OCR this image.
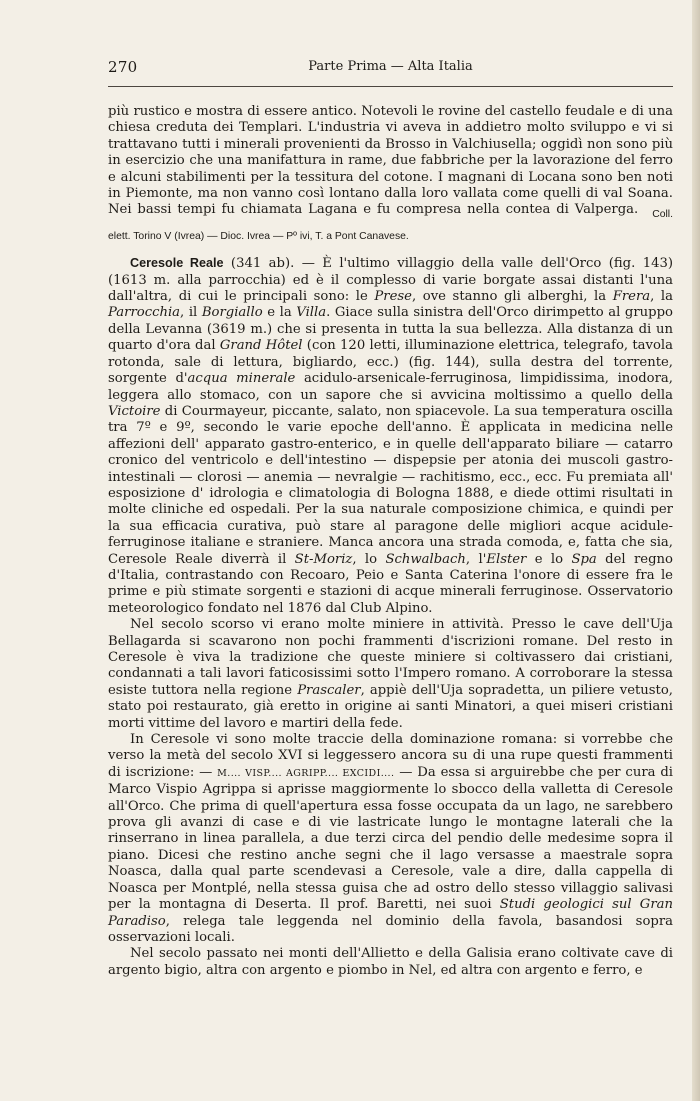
270	Parte Prima — Alta Italia

più rustico e mostra di essere antico. Notevoli le rovine del castello feudale e di una chiesa creduta dei Templari. L'industria vi aveva in addietro molto sviluppo e vi si trattavano tutti i minerali provenienti da Brosso in Valchiusella; oggidì non sono più in esercizio che una manifattura in rame, due fabbriche per la lavorazione del ferro e alcuni stabilimenti per la tessitura del cotone. I magnani di Locana sono ben noti in Piemonte, ma non vanno così lontano dalla loro vallata come quelli di val Soana. Nei bassi tempi fu chiamata Lagana e fu compresa nella contea di Valperga. $_{Coll. elett. Torino V (Ivrea) — Dioc. Ivrea — Pº ivi, T. a Pont Canavese.}$

Ceresole Reale (341 ab). — È l'ultimo villaggio della valle dell'Orco (fig. 143) (1613 m. alla parrocchia) ed è il complesso di varie borgate assai distanti l'una dall'altra, di cui le principali sono: le Prese, ove stanno gli alberghi, la Frera, la Parrocchia, il Borgiallo e la Villa. Giace sulla sinistra dell'Orco dirimpetto al gruppo della Levanna (3619 m.) che si presenta in tutta la sua bellezza. Alla distanza di un quarto d'ora dal Grand Hôtel (con 120 letti, illuminazione elettrica, telegrafo, tavola rotonda, sale di lettura, bigliardo, ecc.) (fig. 144), sulla destra del torrente, sorgente d'acqua minerale acidulo-arsenicale-ferruginosa, limpidissima, inodora, leggera allo stomaco, con un sapore che si avvicina moltissimo a quello della Victoire di Courmayeur, piccante, salato, non spiacevole. La sua temperatura oscilla tra 7º e 9º, secondo le varie epoche dell'anno. È applicata in medicina nelle affezioni dell' apparato gastro-enterico, e in quelle dell'apparato biliare — catarro cronico del ventricolo e dell'intestino — dispepsie per atonia dei muscoli gastro-intestinali — clorosi — anemia — nevralgie — rachitismo, ecc., ecc. Fu premiata all' esposizione d' idrologia e climatologia di Bologna 1888, e diede ottimi risultati in molte cliniche ed ospedali. Per la sua naturale composizione chimica, e quindi per la sua efficacia curativa, può stare al paragone delle migliori acque acidule-ferruginose italiane e straniere. Manca ancora una strada comoda, e, fatta che sia, Ceresole Reale diverrà il St-Moriz, lo Schwalbach, l'Elster e lo Spa del regno d'Italia, contrastando con Recoaro, Peio e Santa Caterina l'onore di essere fra le prime e più stimate sorgenti e stazioni di acque minerali ferruginose. Osservatorio meteorologico fondato nel 1876 dal Club Alpino.

Nel secolo scorso vi erano molte miniere in attività. Presso le cave dell'Uja Bellagarda si scavarono non pochi frammenti d'iscrizioni romane. Del resto in Ceresole è viva la tradizione che queste miniere si coltivassero dai cristiani, condannati a tali lavori faticosissimi sotto l'Impero romano. A corroborare la stessa esiste tuttora nella regione Prascaler, appiè dell'Uja sopradetta, un piliere vetusto, stato poi restaurato, già eretto in origine ai santi Minatori, a quei miseri cristiani morti vittime del lavoro e martiri della fede.

In Ceresole vi sono molte traccie della dominazione romana: si vorrebbe che verso la metà del secolo XVI si leggessero ancora su di una rupe questi frammenti di iscrizione: — M.... VISP.... AGRIPP.... EXCIDI.... — Da essa si arguirebbe che per cura di Marco Vispio Agrippa si aprisse maggiormente lo sbocco della valletta di Ceresole all'Orco. Che prima di quell'apertura essa fosse occupata da un lago, ne sarebbero prova gli avanzi di case e di vie lastricate lungo le montagne laterali che la rinserrano in linea parallela, a due terzi circa del pendio delle medesime sopra il piano. Dicesi che restino anche segni che il lago versasse a maestrale sopra Noasca, dalla qual parte scendevasi a Ceresole, vale a dire, dalla cappella di Noasca per Montplé, nella stessa guisa che ad ostro dello stesso villaggio salivasi per la montagna di Deserta. Il prof. Baretti, nei suoi Studi geologici sul Gran Paradiso, relega tale leggenda nel dominio della favola, basandosi sopra osservazioni locali.

Nel secolo passato nei monti dell'Allietto e della Galisia erano coltivate cave di argento bigio, altra con argento e piombo in Nel, ed altra con argento e ferro, e
